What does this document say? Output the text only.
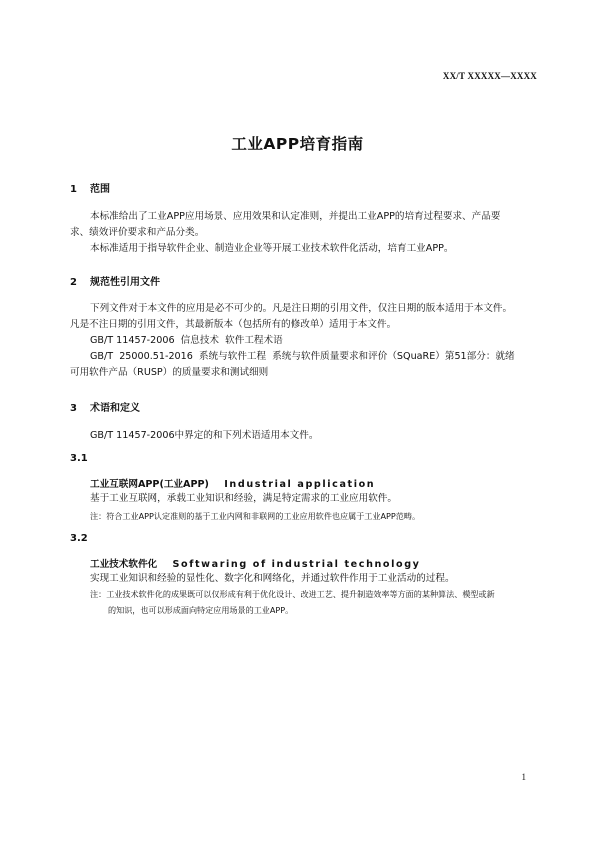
XX/T XXXXX—XXXX
工业APP培育指南
1 范围
本标准给出了工业APP应用场景、应用效果和认定准则，并提出工业APP的培育过程要求、产品要
求、绩效评价要求和产品分类。
本标准适用于指导软件企业、制造业企业等开展工业技术软件化活动，培育工业APP。
2 规范性引用文件
下列文件对于本文件的应用是必不可少的。凡是注日期的引用文件，仅注日期的版本适用于本文件。
凡是不注日期的引用文件，其最新版本（包括所有的修改单）适用于本文件。
GB/T 11457-2006  信息技术  软件工程术语
GB/T  25000.51-2016  系统与软件工程  系统与软件质量要求和评价（SQuaRE）第51部分：就绪
可用软件产品（RUSP）的质量要求和测试细则
3 术语和定义
GB/T 11457-2006中界定的和下列术语适用本文件。
3.1
工业互联网APP(工业APP) Industrial application
基于工业互联网，承载工业知识和经验，满足特定需求的工业应用软件。
注：符合工业APP认定准则的基于工业内网和非联网的工业应用软件也应属于工业APP范畴。
3.2
工业技术软件化 Softwaring of industrial technology
实现工业知识和经验的显性化、数字化和网络化，并通过软件作用于工业活动的过程。
注：工业技术软件化的成果既可以仅形成有利于优化设计、改进工艺、提升制造效率等方面的某种算法、模型或新
的知识，也可以形成面向特定应用场景的工业APP。
1
